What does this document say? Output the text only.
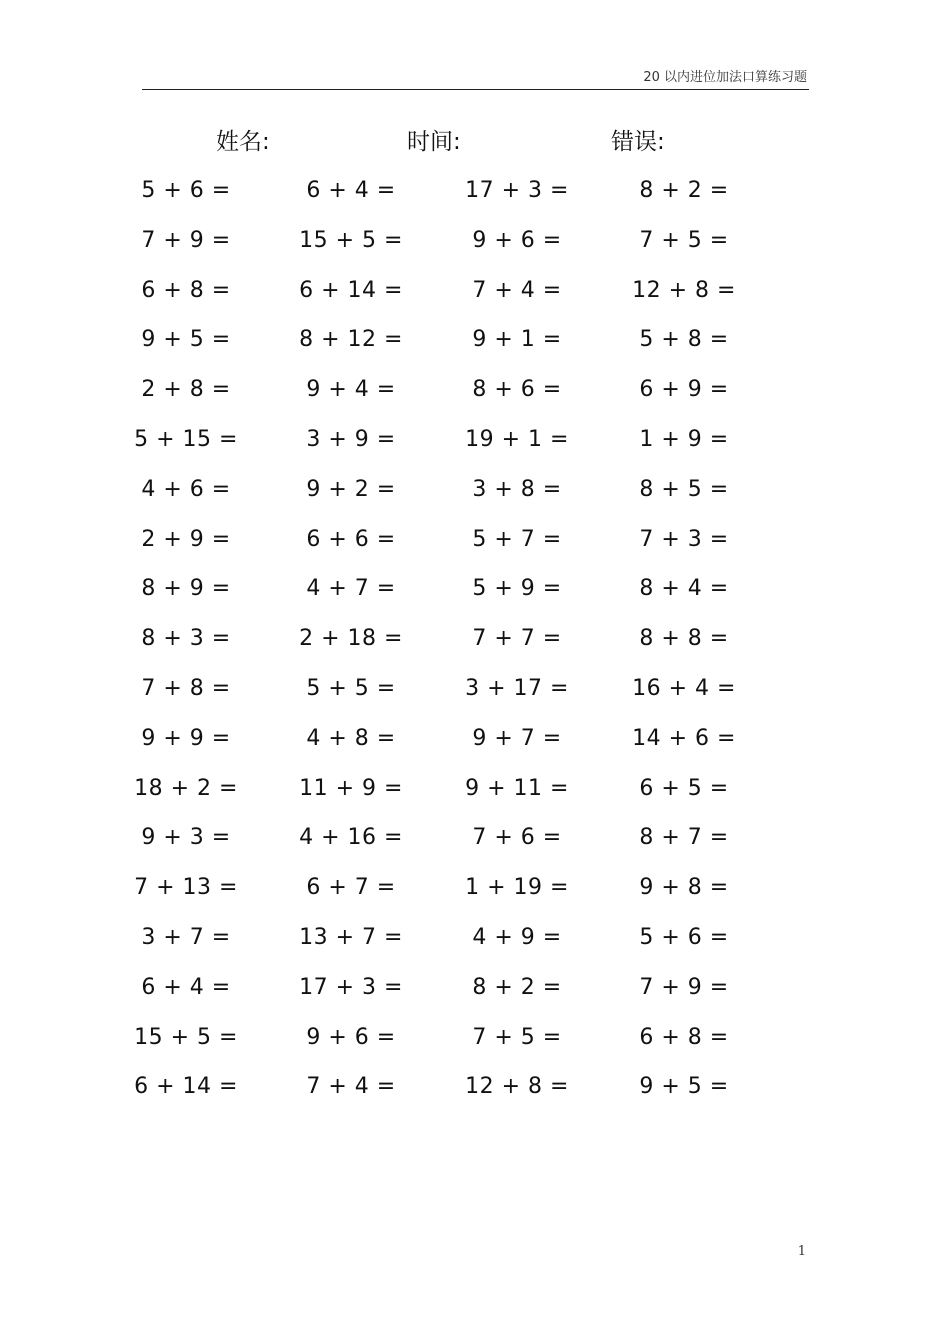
20 以内进位加法口算练习题
姓名:	时间:	错误:
5 + 6 =	6 + 4 =	17 + 3 =	8 + 2 =
7 + 9 =	15 + 5 =	9 + 6 =	7 + 5 =
6 + 8 =	6 + 14 =	7 + 4 =	12 + 8 =
9 + 5 =	8 + 12 =	9 + 1 =	5 + 8 =
2 + 8 =	9 + 4 =	8 + 6 =	6 + 9 =
5 + 15 =	3 + 9 =	19 + 1 =	1 + 9 =
4 + 6 =	9 + 2 =	3 + 8 =	8 + 5 =
2 + 9 =	6 + 6 =	5 + 7 =	7 + 3 =
8 + 9 =	4 + 7 =	5 + 9 =	8 + 4 =
8 + 3 =	2 + 18 =	7 + 7 =	8 + 8 =
7 + 8 =	5 + 5 =	3 + 17 =	16 + 4 =
9 + 9 =	4 + 8 =	9 + 7 =	14 + 6 =
18 + 2 =	11 + 9 =	9 + 11 =	6 + 5 =
9 + 3 =	4 + 16 =	7 + 6 =	8 + 7 =
7 + 13 =	6 + 7 =	1 + 19 =	9 + 8 =
3 + 7 =	13 + 7 =	4 + 9 =	5 + 6 =
6 + 4 =	17 + 3 =	8 + 2 =	7 + 9 =
15 + 5 =	9 + 6 =	7 + 5 =	6 + 8 =
6 + 14 =	7 + 4 =	12 + 8 =	9 + 5 =
1
